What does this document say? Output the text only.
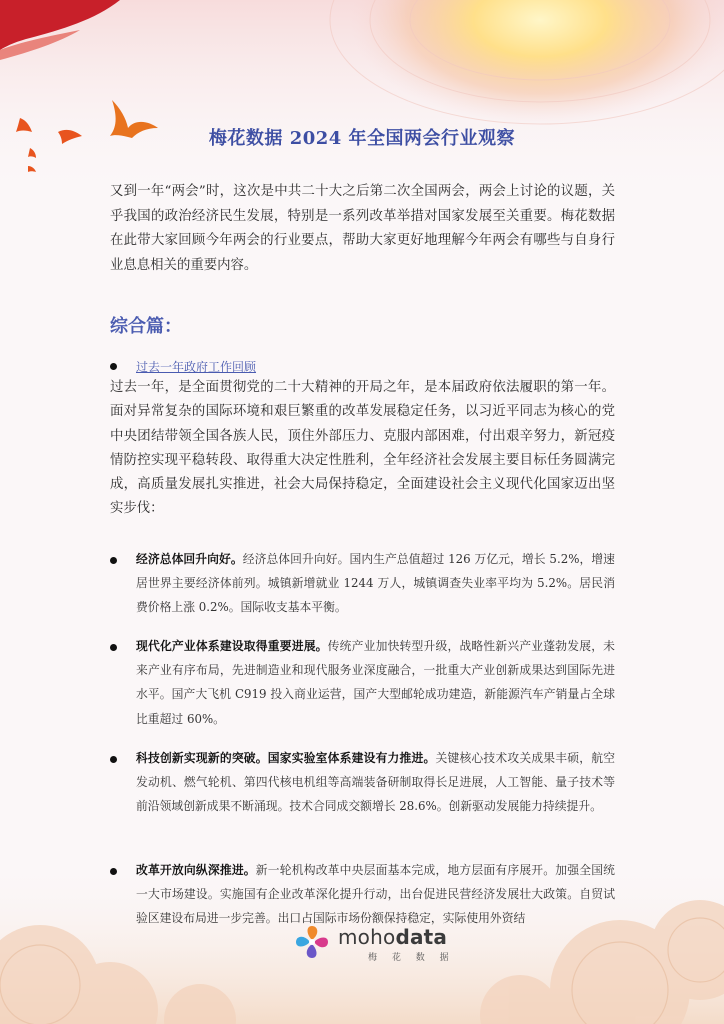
梅花数据 2024 年全国两会行业观察

又到一年“两会”时，这次是中共二十大之后第二次全国两会，两会上讨论的议题，关乎我国的政治经济民生发展，特别是一系列改革举措对国家发展至关重要。梅花数据在此带大家回顾今年两会的行业要点，帮助大家更好地理解今年两会有哪些与自身行业息息相关的重要内容。

综合篇：
过去一年政府工作回顾

过去一年，是全面贯彻党的二十大精神的开局之年，是本届政府依法履职的第一年。面对异常复杂的国际环境和艰巨繁重的改革发展稳定任务，以习近平同志为核心的党中央团结带领全国各族人民，顶住外部压力、克服内部困难，付出艰辛努力，新冠疫情防控实现平稳转段、取得重大决定性胜利，全年经济社会发展主要目标任务圆满完成，高质量发展扎实推进，社会大局保持稳定，全面建设社会主义现代化国家迈出坚实步伐：

经济总体回升向好。经济总体回升向好。国内生产总值超过 126 万亿元，增长 5.2%，增速居世界主要经济体前列。城镇新增就业 1244 万人，城镇调查失业率平均为 5.2%。居民消费价格上涨 0.2%。国际收支基本平衡。

现代化产业体系建设取得重要进展。传统产业加快转型升级，战略性新兴产业蓬勃发展，未来产业有序布局，先进制造业和现代服务业深度融合，一批重大产业创新成果达到国际先进水平。国产大飞机 C919 投入商业运营，国产大型邮轮成功建造，新能源汽车产销量占全球比重超过 60%。

科技创新实现新的突破。国家实验室体系建设有力推进。关键核心技术攻关成果丰硕，航空发动机、燃气轮机、第四代核电机组等高端装备研制取得长足进展，人工智能、量子技术等前沿领域创新成果不断涌现。技术合同成交额增长 28.6%。创新驱动发展能力持续提升。

改革开放向纵深推进。新一轮机构改革中央层面基本完成，地方层面有序展开。加强全国统一大市场建设。实施国有企业改革深化提升行动，出台促进民营经济发展壮大政策。自贸试验区建设布局进一步完善。出口占国际市场份额保持稳定，实际使用外资结

mohodata
梅 花 数 据
